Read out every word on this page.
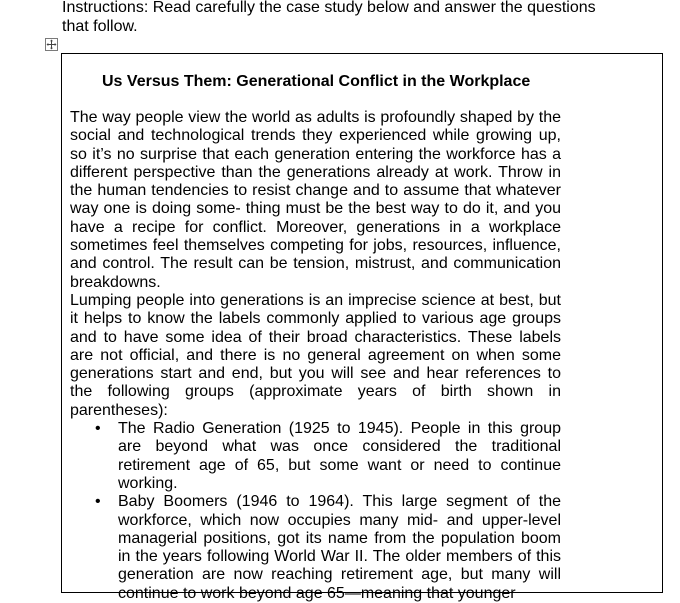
Instructions: Read carefully the case study below and answer the questions that follow.
Us Versus Them: Generational Conflict in the Workplace

The way people view the world as adults is profoundly shaped by the social and technological trends they experienced while growing up, so it’s no surprise that each generation entering the workforce has a different perspective than the generations already at work. Throw in the human tendencies to resist change and to assume that whatever way one is doing some- thing must be the best way to do it, and you have a recipe for conflict. Moreover, generations in a workplace sometimes feel themselves competing for jobs, resources, influence, and control. The result can be tension, mistrust, and communication breakdowns.

Lumping people into generations is an imprecise science at best, but it helps to know the labels commonly applied to various age groups and to have some idea of their broad characteristics. These labels are not official, and there is no general agreement on when some generations start and end, but you will see and hear references to the following groups (approximate years of birth shown in parentheses):

• The Radio Generation (1925 to 1945). People in this group are beyond what was once considered the traditional retirement age of 65, but some want or need to continue working.
• Baby Boomers (1946 to 1964). This large segment of the workforce, which now occupies many mid- and upper-level managerial positions, got its name from the population boom in the years following World War II. The older members of this generation are now reaching retirement age, but many will continue to work beyond age 65—meaning that younger
